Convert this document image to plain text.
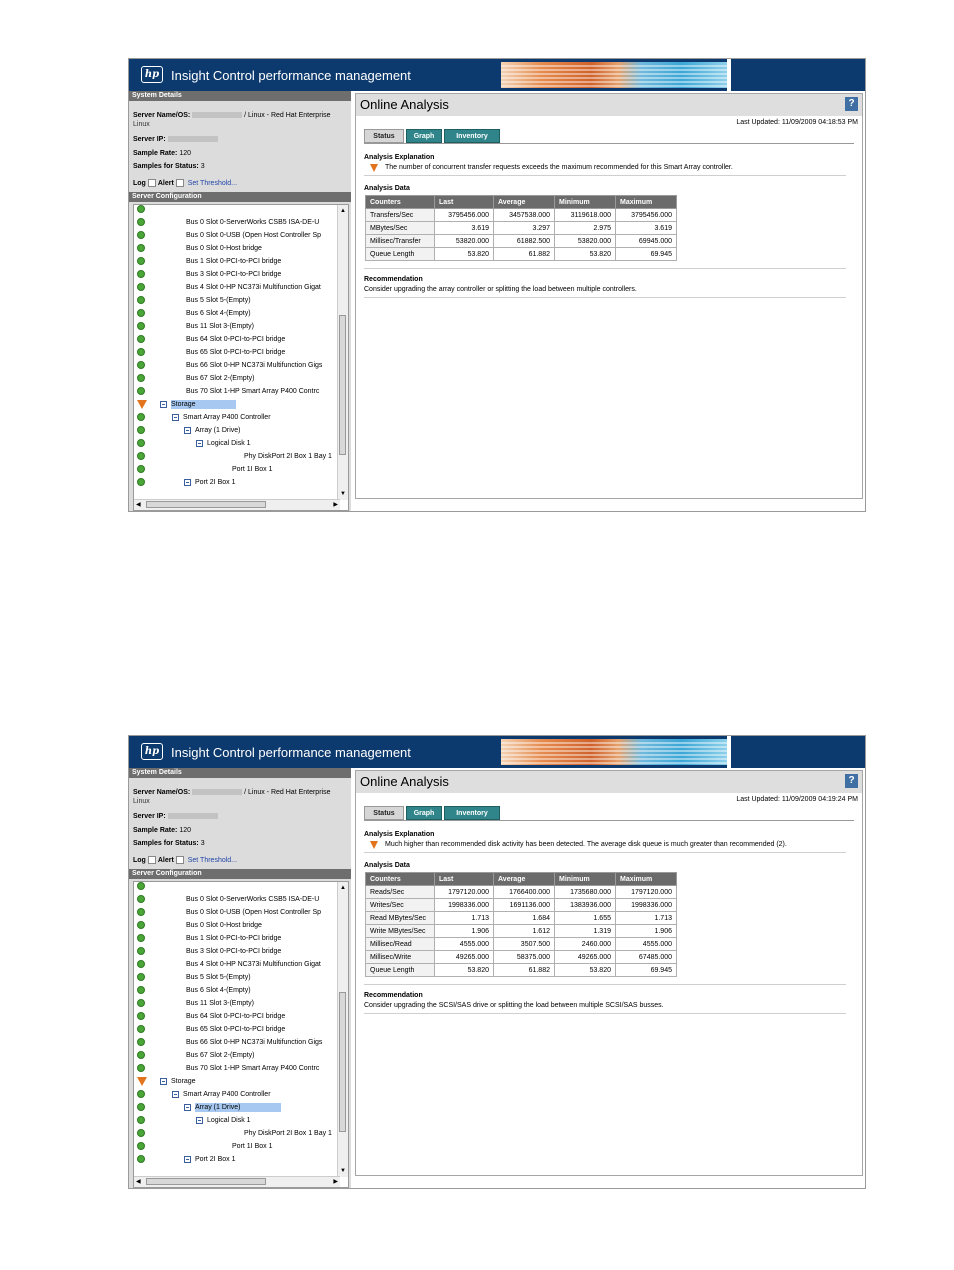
hp Insight Control performance management
System Details
Server Name/OS:	/ Linux - Red Hat Enterprise
Linux
Server IP:
Sample Rate: 120
Samples for Status: 3
Log Alert Set Threshold...
Server Configuration
Bus 0 Slot 0-ServerWorks CSB5 ISA-DE-U
Bus 0 Slot 0-USB (Open Host Controller Sp
Bus 0 Slot 0-Host bridge
Bus 1 Slot 0-PCI-to-PCI bridge
Bus 3 Slot 0-PCI-to-PCI bridge
Bus 4 Slot 0-HP NC373i Multifunction Gigat
Bus 5 Slot 5-(Empty)
Bus 6 Slot 4-(Empty)
Bus 11 Slot 3-(Empty)
Bus 64 Slot 0-PCI-to-PCI bridge
Bus 65 Slot 0-PCI-to-PCI bridge
Bus 66 Slot 0-HP NC373i Multifunction Gigs
Bus 67 Slot 2-(Empty)
Bus 70 Slot 1-HP Smart Array P400 Contrc
Storage
Smart Array P400 Controller
Array (1 Drive)
Logical Disk 1
Phy DiskPort 2I Box 1 Bay 1
Port 1I Box 1
Port 2I Box 1
▲
▼
◀	▶
Online Analysis	?
Last Updated: 11/09/2009 04:18:53 PM
Status	Graph	Inventory
Analysis Explanation
The number of concurrent transfer requests exceeds the maximum recommended for this Smart Array controller.
Analysis Data
Counters	Last	Average	Minimum	Maximum
Transfers/Sec	3795456.000	3457538.000	3119618.000	3795456.000
MBytes/Sec	3.619	3.297	2.975	3.619
Millisec/Transfer	53820.000	61882.500	53820.000	69945.000
Queue Length	53.820	61.882	53.820	69.945
Recommendation
Consider upgrading the array controller or splitting the load between multiple controllers.
hp Insight Control performance management
System Details
Server Name/OS:	/ Linux - Red Hat Enterprise
Linux
Server IP:
Sample Rate: 120
Samples for Status: 3
Log Alert Set Threshold...
Server Configuration
Bus 0 Slot 0-ServerWorks CSB5 ISA-DE-U
Bus 0 Slot 0-USB (Open Host Controller Sp
Bus 0 Slot 0-Host bridge
Bus 1 Slot 0-PCI-to-PCI bridge
Bus 3 Slot 0-PCI-to-PCI bridge
Bus 4 Slot 0-HP NC373i Multifunction Gigat
Bus 5 Slot 5-(Empty)
Bus 6 Slot 4-(Empty)
Bus 11 Slot 3-(Empty)
Bus 64 Slot 0-PCI-to-PCI bridge
Bus 65 Slot 0-PCI-to-PCI bridge
Bus 66 Slot 0-HP NC373i Multifunction Gigs
Bus 67 Slot 2-(Empty)
Bus 70 Slot 1-HP Smart Array P400 Contrc
Storage
Smart Array P400 Controller
Array (1 Drive)
Logical Disk 1
Phy DiskPort 2I Box 1 Bay 1
Port 1I Box 1
Port 2I Box 1
▲
▼
◀	▶
Online Analysis	?
Last Updated: 11/09/2009 04:19:24 PM
Status	Graph	Inventory
Analysis Explanation
Much higher than recommended disk activity has been detected. The average disk queue is much greater than recommended (2).
Analysis Data
Counters	Last	Average	Minimum	Maximum
Reads/Sec	1797120.000	1766400.000	1735680.000	1797120.000
Writes/Sec	1998336.000	1691136.000	1383936.000	1998336.000
Read MBytes/Sec	1.713	1.684	1.655	1.713
Write MBytes/Sec	1.906	1.612	1.319	1.906
Millisec/Read	4555.000	3507.500	2460.000	4555.000
Millisec/Write	49265.000	58375.000	49265.000	67485.000
Queue Length	53.820	61.882	53.820	69.945
Recommendation
Consider upgrading the SCSI/SAS drive or splitting the load between multiple SCSI/SAS busses.
